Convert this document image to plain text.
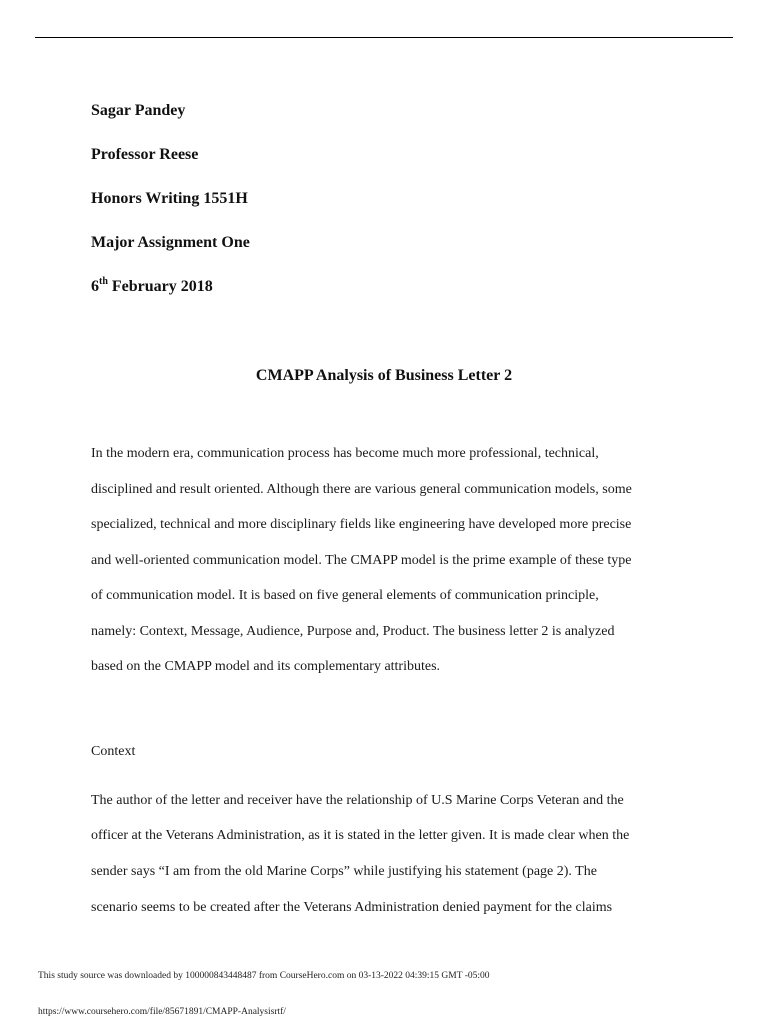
Sagar Pandey
Professor Reese
Honors Writing 1551H
Major Assignment One
6th February 2018
CMAPP Analysis of Business Letter 2
In the modern era, communication process has become much more professional, technical,
disciplined and result oriented. Although there are various general communication models, some
specialized, technical and more disciplinary fields like engineering have developed more precise
and well-oriented communication model. The CMAPP model is the prime example of these type
of communication model. It is based on five general elements of communication principle,
namely: Context, Message, Audience, Purpose and, Product. The business letter 2 is analyzed
based on the CMAPP model and its complementary attributes.
Context
The author of the letter and receiver have the relationship of U.S Marine Corps Veteran and the
officer at the Veterans Administration, as it is stated in the letter given. It is made clear when the
sender says “I am from the old Marine Corps” while justifying his statement (page 2). The
scenario seems to be created after the Veterans Administration denied payment for the claims
This study source was downloaded by 100000843448487 from CourseHero.com on 03-13-2022 04:39:15 GMT -05:00
https://www.coursehero.com/file/85671891/CMAPP-Analysisrtf/
